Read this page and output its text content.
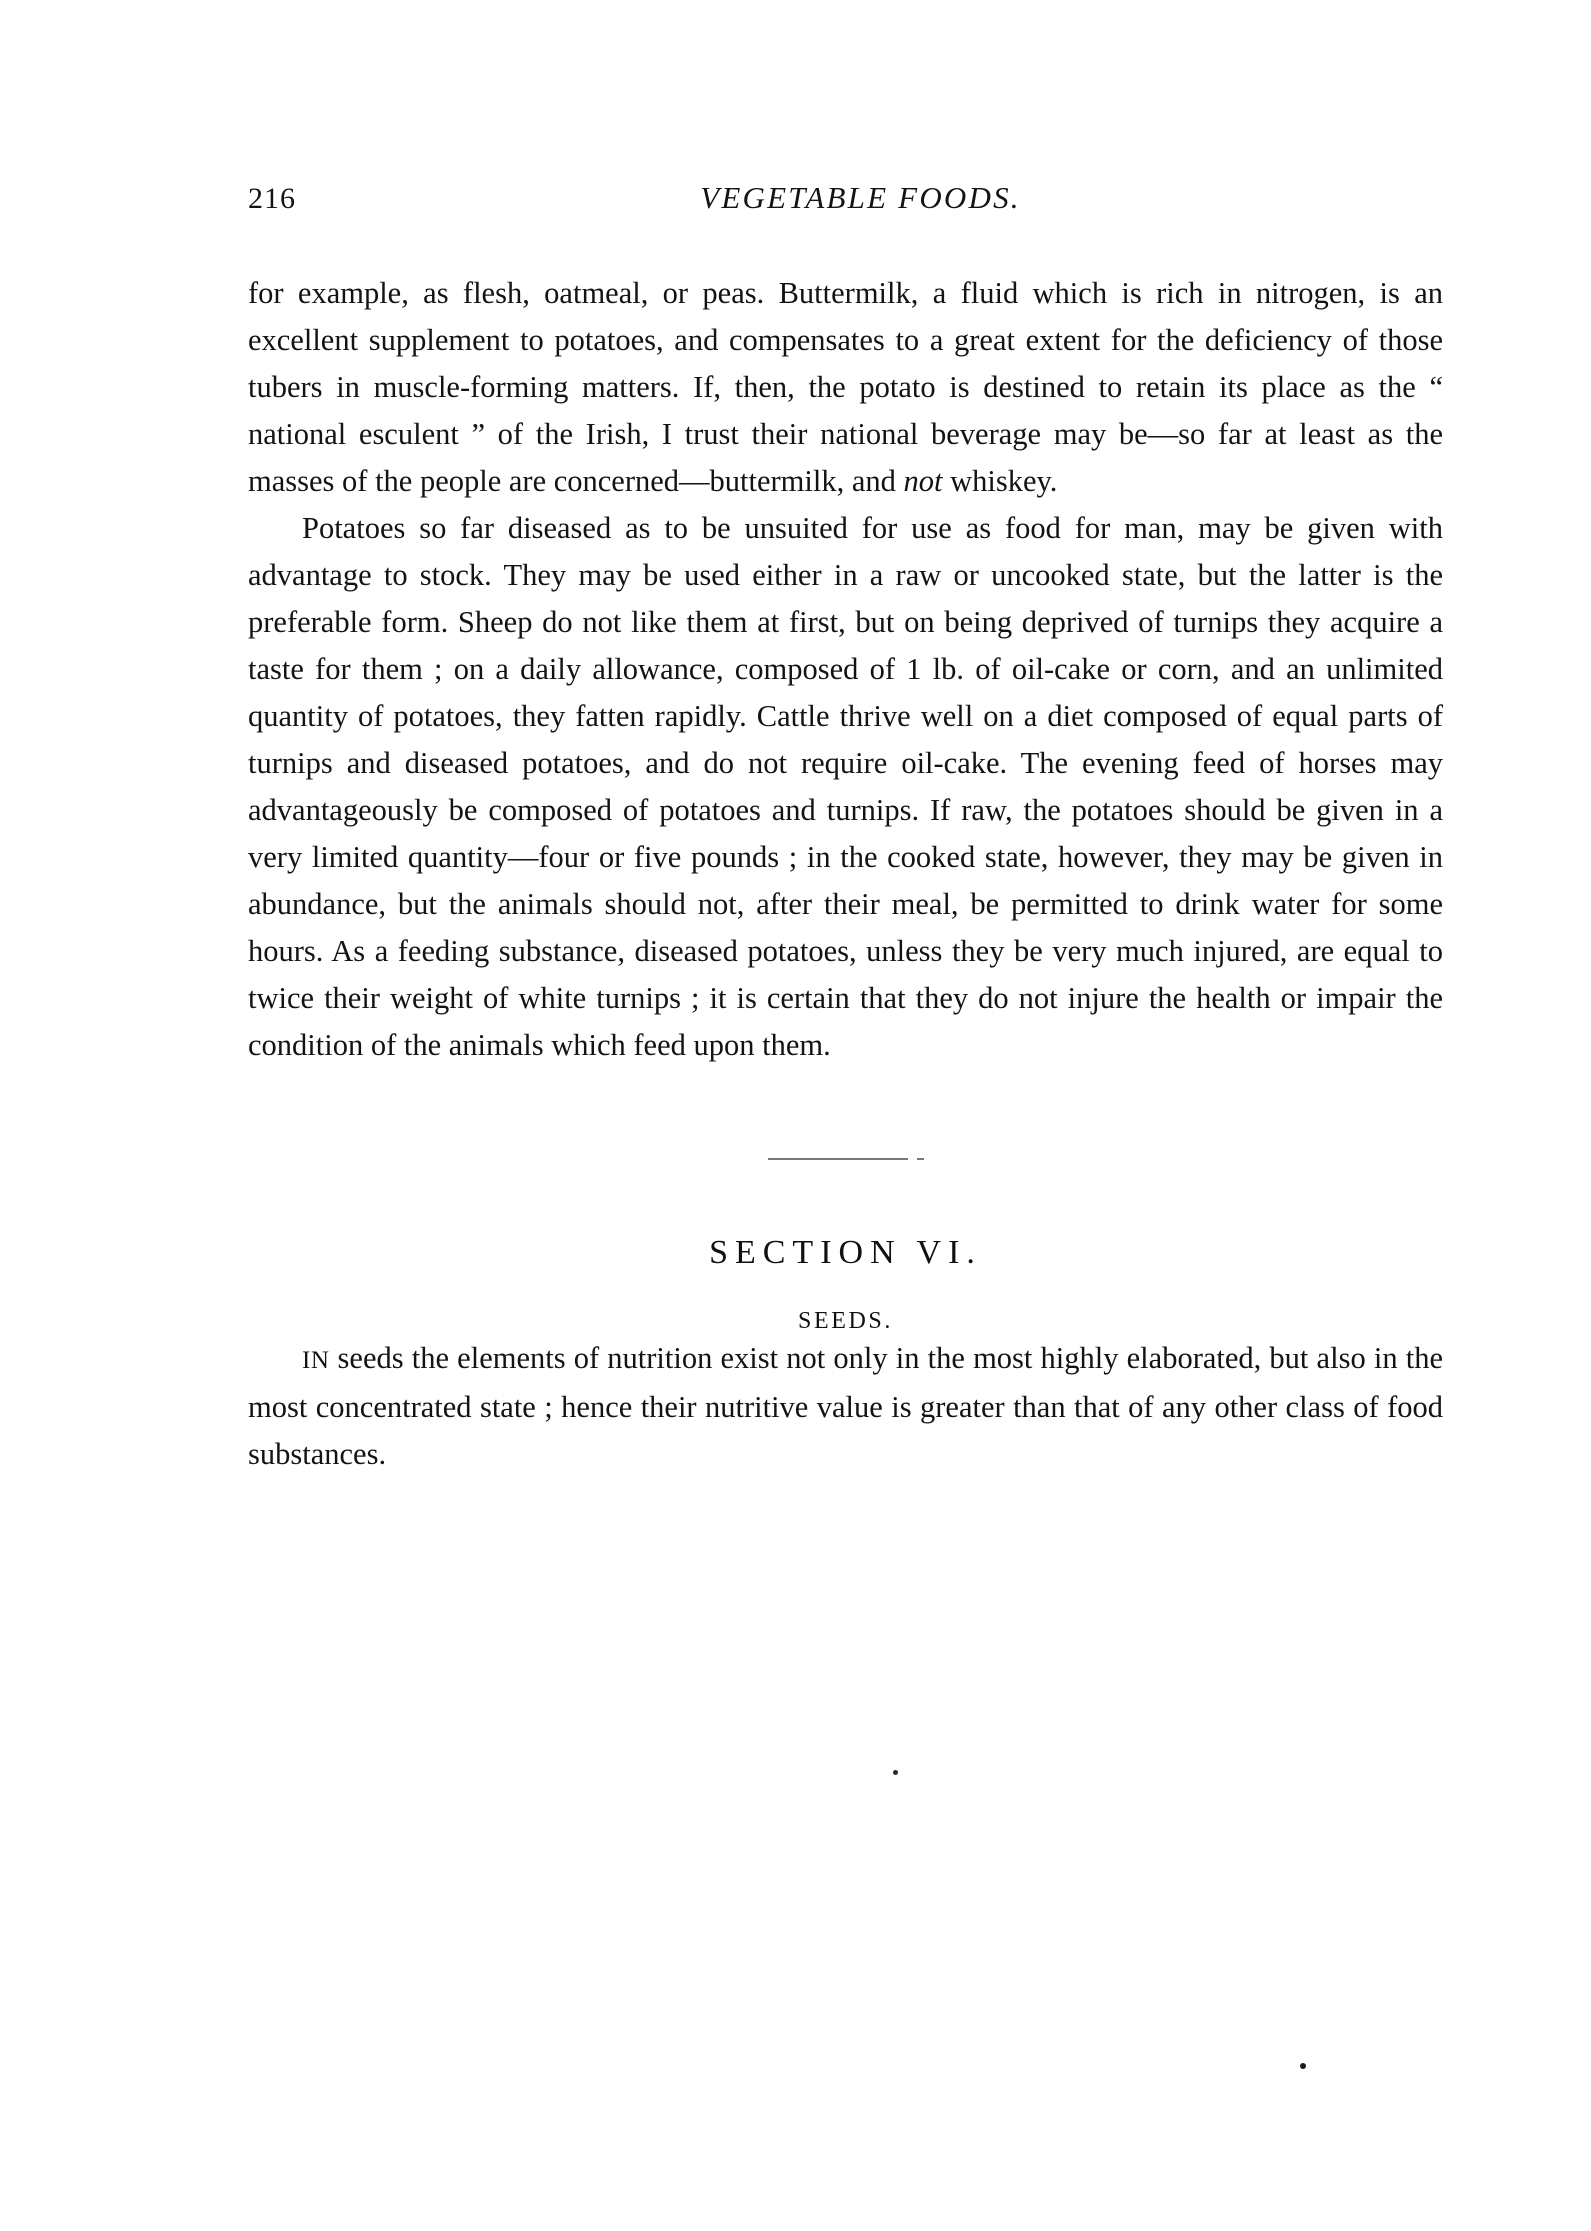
216	VEGETABLE FOODS.

for example, as flesh, oatmeal, or peas. Buttermilk, a fluid which is rich in nitrogen, is an excellent supplement to potatoes, and compensates to a great extent for the deficiency of those tubers in muscle-forming matters. If, then, the potato is destined to retain its place as the “ national esculent ” of the Irish, I trust their national beverage may be—so far at least as the masses of the people are concerned—buttermilk, and not whiskey.

Potatoes so far diseased as to be unsuited for use as food for man, may be given with advantage to stock. They may be used either in a raw or uncooked state, but the latter is the preferable form. Sheep do not like them at first, but on being deprived of turnips they acquire a taste for them ; on a daily allowance, composed of 1 lb. of oil-cake or corn, and an unlimited quantity of potatoes, they fatten rapidly. Cattle thrive well on a diet composed of equal parts of turnips and diseased potatoes, and do not require oil-cake. The evening feed of horses may advantageously be composed of potatoes and turnips. If raw, the potatoes should be given in a very limited quantity—four or five pounds ; in the cooked state, however, they may be given in abundance, but the animals should not, after their meal, be permitted to drink water for some hours. As a feeding substance, diseased potatoes, unless they be very much injured, are equal to twice their weight of white turnips ; it is certain that they do not injure the health or impair the condition of the animals which feed upon them.

SECTION VI.
SEEDS.

IN seeds the elements of nutrition exist not only in the most highly elaborated, but also in the most concentrated state ; hence their nutritive value is greater than that of any other class of food substances.
